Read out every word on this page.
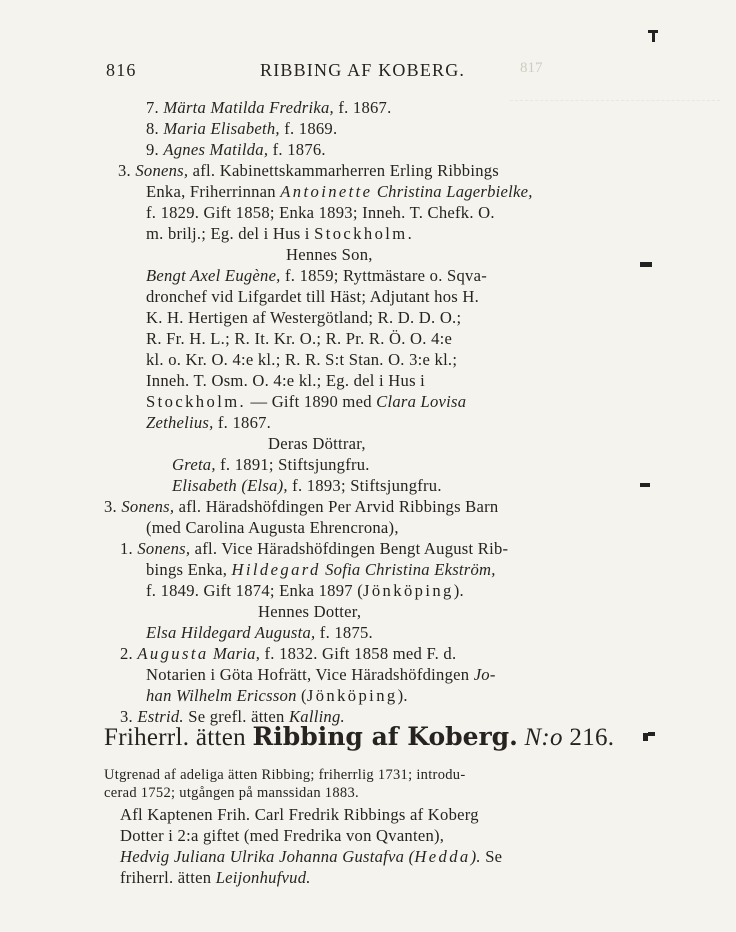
817
816	RIBBING AF KOBERG.
7. Märta Matilda Fredrika, f. 1867.
8. Maria Elisabeth, f. 1869.
9. Agnes Matilda, f. 1876.
3. Sonens, afl. Kabinettskammarherren Erling Ribbings
Enka, Friherrinnan Antoinette Christina Lagerbielke,
f. 1829. Gift 1858; Enka 1893; Inneh. T. Chefk. O.
m. brilj.; Eg. del i Hus i Stockholm.
Hennes Son,
Bengt Axel Eugène, f. 1859; Ryttmästare o. Sqva-
dronchef vid Lifgardet till Häst; Adjutant hos H.
K. H. Hertigen af Westergötland; R. D. D. O.;
R. Fr. H. L.; R. It. Kr. O.; R. Pr. R. Ö. O. 4:e
kl. o. Kr. O. 4:e kl.; R. R. S:t Stan. O. 3:e kl.;
Inneh. T. Osm. O. 4:e kl.; Eg. del i Hus i
Stockholm. — Gift 1890 med Clara Lovisa
Zethelius, f. 1867.
Deras Döttrar,
Greta, f. 1891; Stiftsjungfru.
Elisabeth (Elsa), f. 1893; Stiftsjungfru.
3. Sonens, afl. Häradshöfdingen Per Arvid Ribbings Barn
(med Carolina Augusta Ehrencrona),
1. Sonens, afl. Vice Häradshöfdingen Bengt August Rib-
bings Enka, Hildegard Sofia Christina Ekström,
f. 1849. Gift 1874; Enka 1897 (Jönköping).
Hennes Dotter,
Elsa Hildegard Augusta, f. 1875.
2. Augusta Maria, f. 1832. Gift 1858 med F. d.
Notarien i Göta Hofrätt, Vice Häradshöfdingen Jo-
han Wilhelm Ericsson (Jönköping).
3. Estrid. Se grefl. ätten Kalling.
Friherrl. ätten Ribbing af Koberg. N:o 216.
Utgrenad af adeliga ätten Ribbing; friherrlig 1731; introdu-
cerad 1752; utgången på manssidan 1883.
Afl Kaptenen Frih. Carl Fredrik Ribbings af Koberg
Dotter i 2:a giftet (med Fredrika von Qvanten),
Hedvig Juliana Ulrika Johanna Gustafva (Hedda). Se
friherrl. ätten Leijonhufvud.
